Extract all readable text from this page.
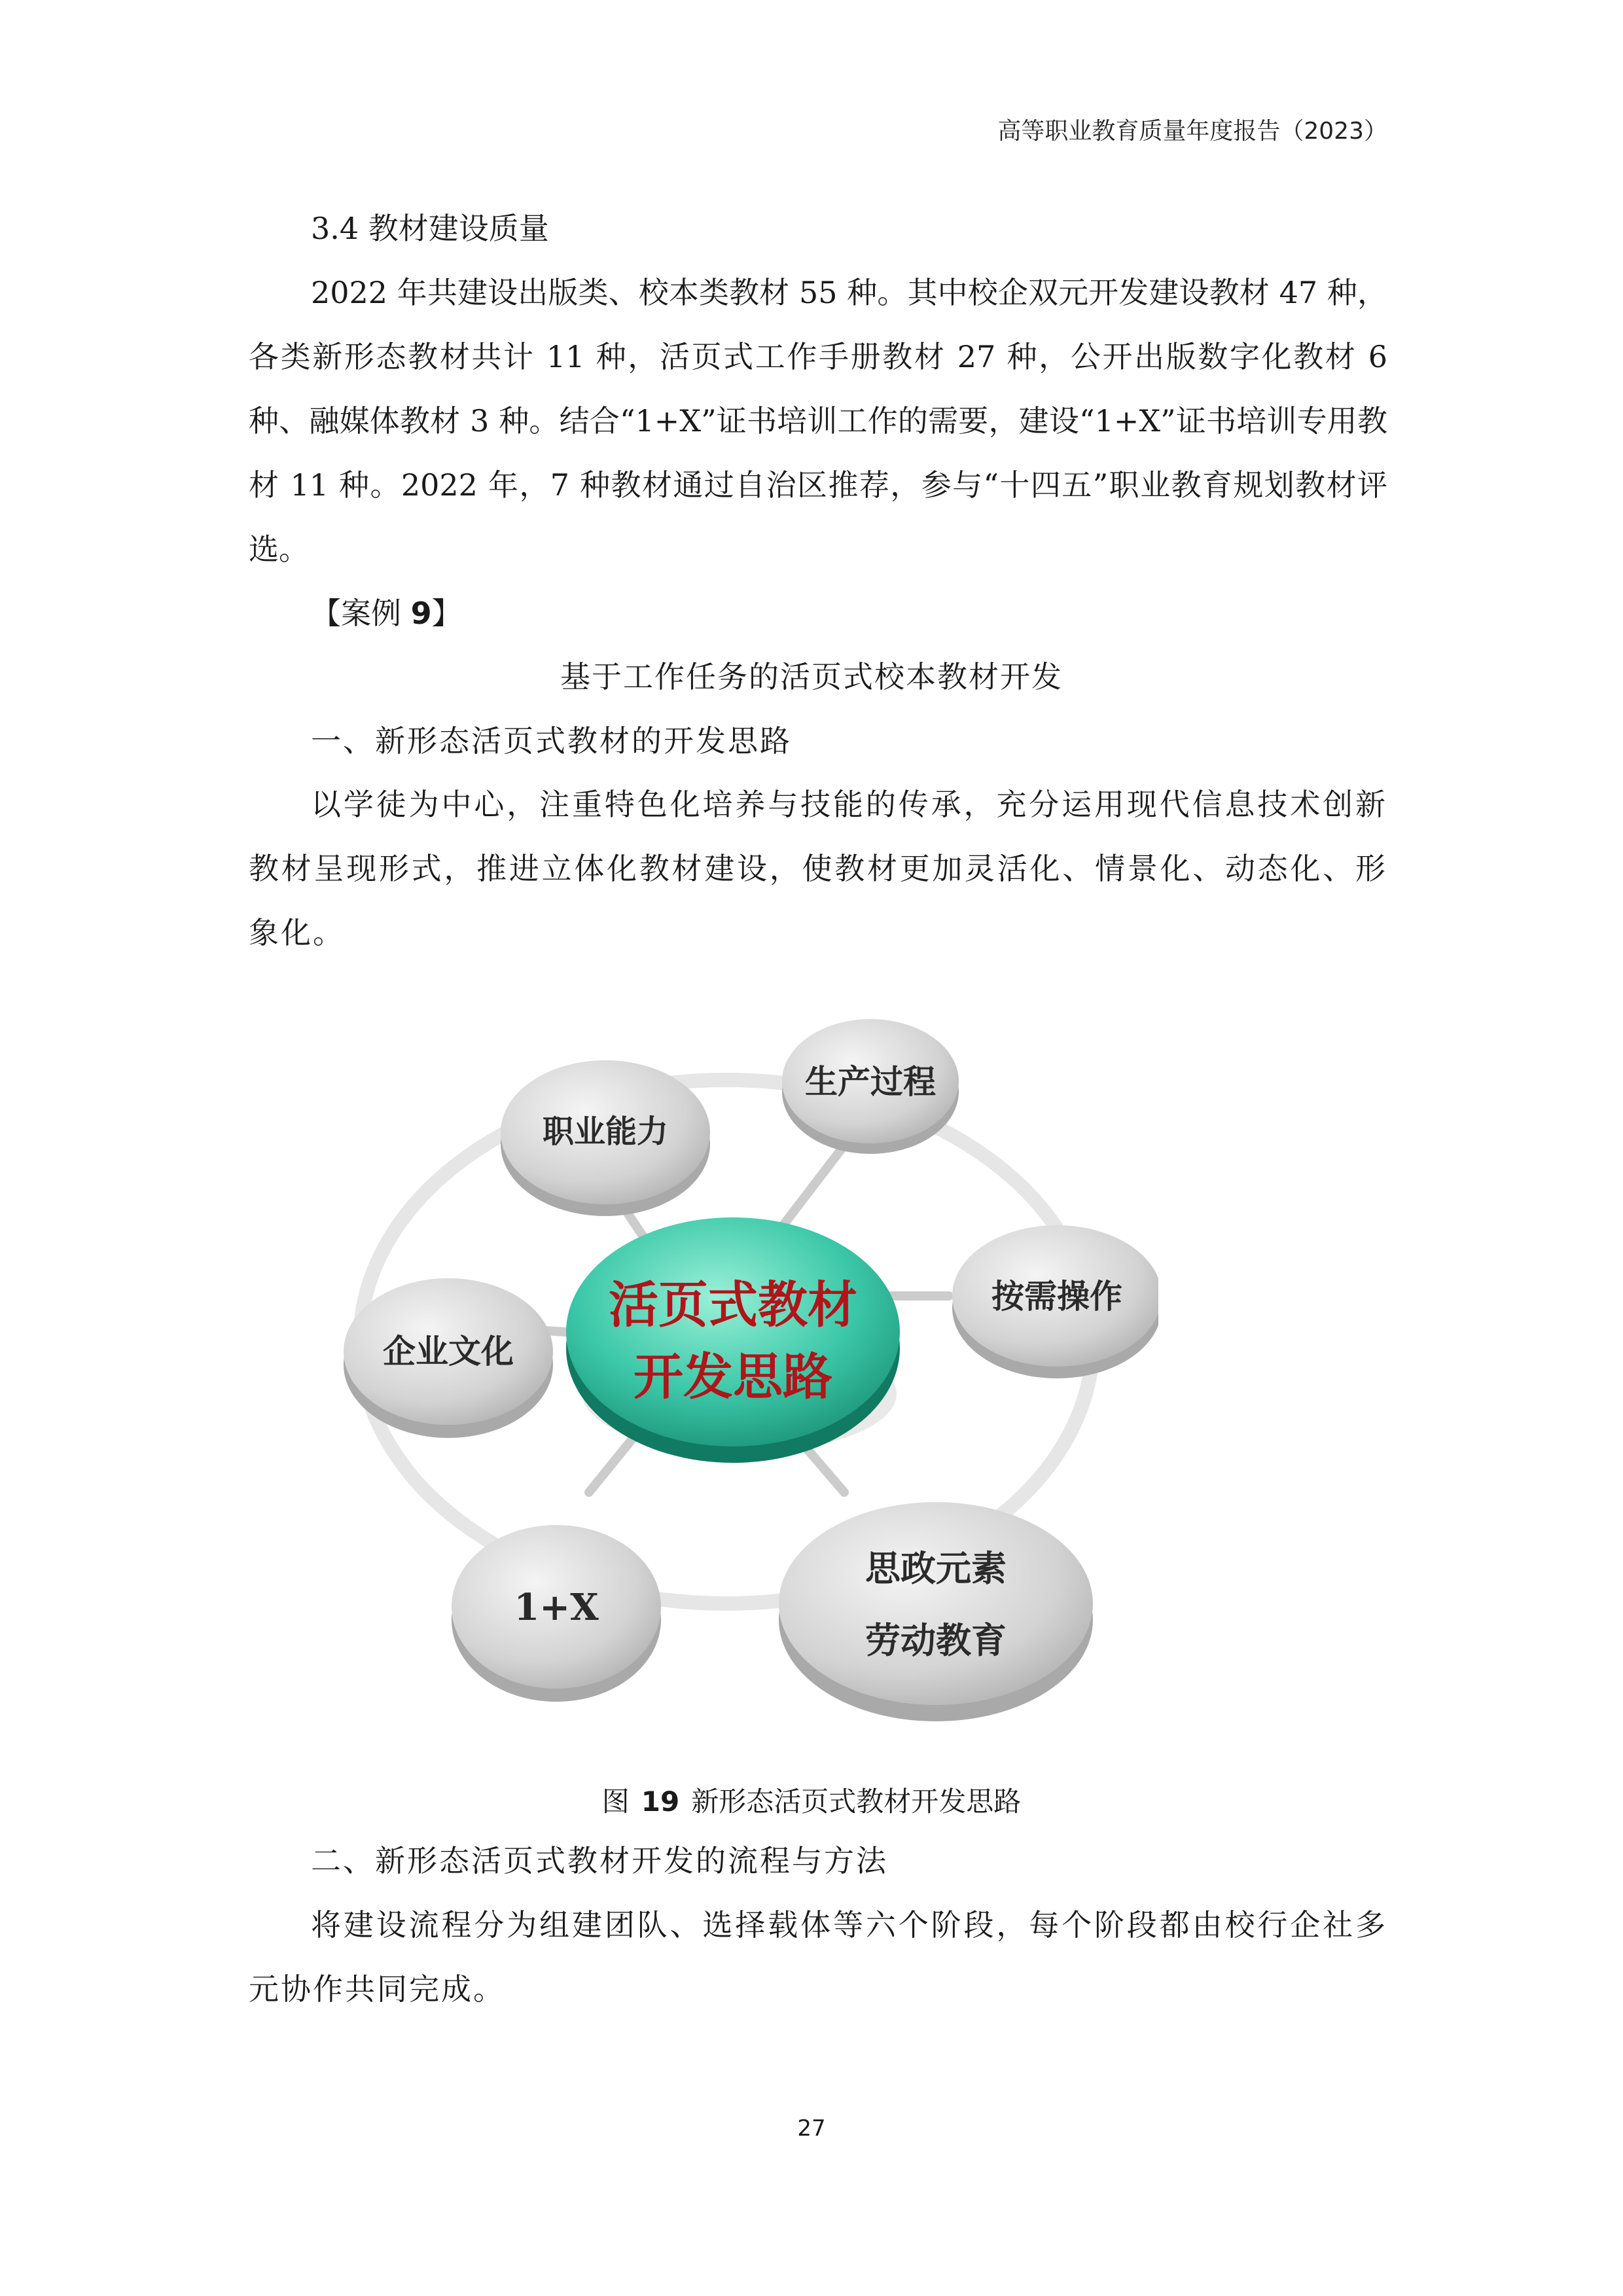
高等职业教育质量年度报告（2023）
3.4 教材建设质量

2022 年共建设出版类、校本类教材 55 种。其中校企双元开发建设教材 47 种，各类新形态教材共计 11 种，活页式工作手册教材 27 种，公开出版数字化教材 6 种、融媒体教材 3 种。结合“1+X”证书培训工作的需要，建设“1+X”证书培训专用教材 11 种。2022 年，7 种教材通过自治区推荐，参与“十四五”职业教育规划教材评选。

【案例 9】
基于工作任务的活页式校本教材开发
一、新形态活页式教材的开发思路

以学徒为中心，注重特色化培养与技能的传承，充分运用现代信息技术创新教材呈现形式，推进立体化教材建设，使教材更加灵活化、情景化、动态化、形象化。

职业能力
生产过程
按需操作
企业文化
1+X
思政元素
劳动教育
活页式教材
开发思路
图 19 新形态活页式教材开发思路
二、新形态活页式教材开发的流程与方法

将建设流程分为组建团队、选择载体等六个阶段，每个阶段都由校行企社多元协作共同完成。

27
